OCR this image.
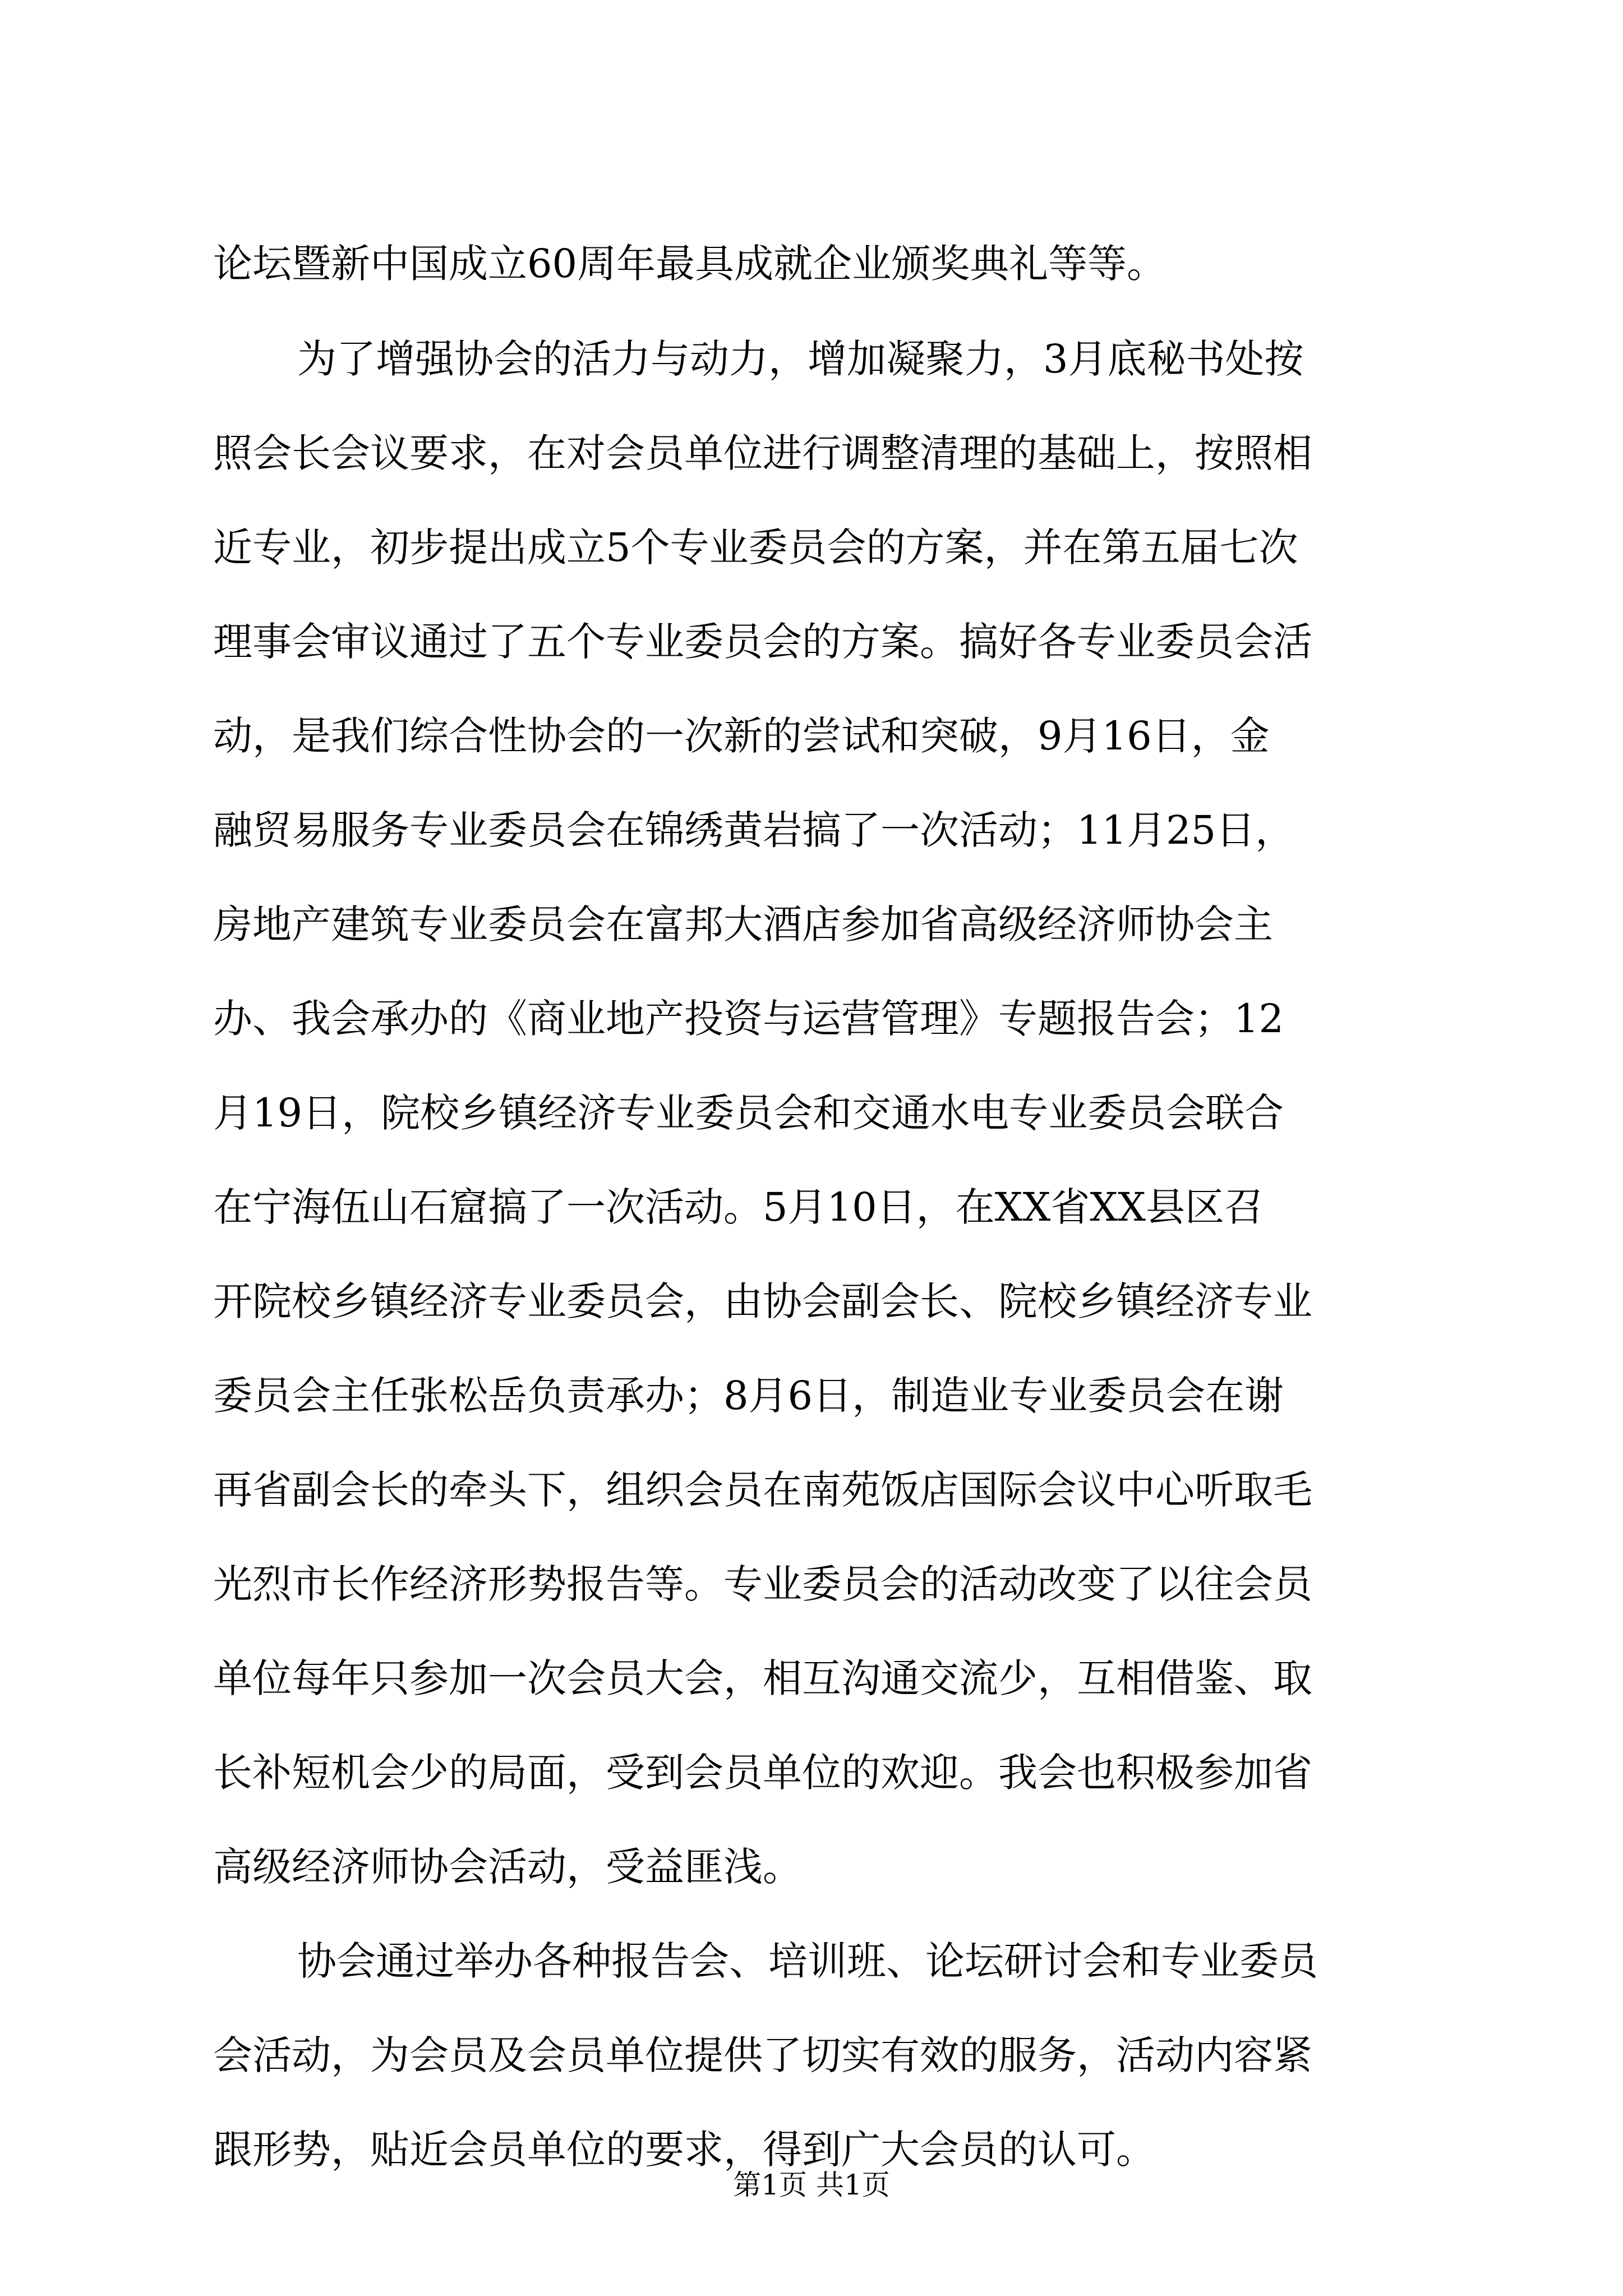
论坛暨新中国成立60周年最具成就企业颁奖典礼等等。
为了增强协会的活力与动力，增加凝聚力，3月底秘书处按
照会长会议要求，在对会员单位进行调整清理的基础上，按照相
近专业，初步提出成立5个专业委员会的方案，并在第五届七次
理事会审议通过了五个专业委员会的方案。搞好各专业委员会活
动，是我们综合性协会的一次新的尝试和突破，9月16日，金
融贸易服务专业委员会在锦绣黄岩搞了一次活动；11月25日，
房地产建筑专业委员会在富邦大酒店参加省高级经济师协会主
办、我会承办的《商业地产投资与运营管理》专题报告会；12
月19日，院校乡镇经济专业委员会和交通水电专业委员会联合
在宁海伍山石窟搞了一次活动。5月10日，在XX省XX县区召
开院校乡镇经济专业委员会，由协会副会长、院校乡镇经济专业
委员会主任张松岳负责承办；8月6日，制造业专业委员会在谢
再省副会长的牵头下，组织会员在南苑饭店国际会议中心听取毛
光烈市长作经济形势报告等。专业委员会的活动改变了以往会员
单位每年只参加一次会员大会，相互沟通交流少，互相借鉴、取
长补短机会少的局面，受到会员单位的欢迎。我会也积极参加省
高级经济师协会活动，受益匪浅。
协会通过举办各种报告会、培训班、论坛研讨会和专业委员
会活动，为会员及会员单位提供了切实有效的服务，活动内容紧
跟形势，贴近会员单位的要求，得到广大会员的认可。
第1页 共1页
